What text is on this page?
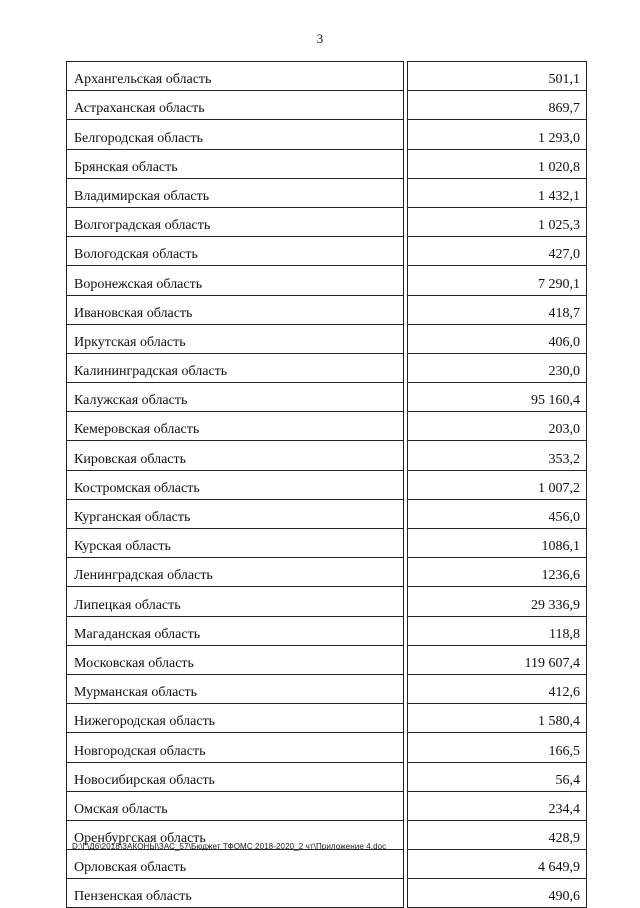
3
Архангельская область		501,1
Астраханская область		869,7
Белгородская область		1 293,0
Брянская область		1 020,8
Владимирская область		1 432,1
Волгоградская область		1 025,3
Вологодская область		427,0
Воронежская область		7 290,1
Ивановская область		418,7
Иркутская область		406,0
Калининградская область		230,0
Калужская область		95 160,4
Кемеровская область		203,0
Кировская область		353,2
Костромская область		1 007,2
Курганская область		456,0
Курская область		1086,1
Ленинградская область		1236,6
Липецкая область		29 336,9
Магаданская область		118,8
Московская область		119 607,4
Мурманская область		412,6
Нижегородская область		1 580,4
Новгородская область		166,5
Новосибирская область		56,4
Омская область		234,4
Оренбургская область		428,9
Орловская область		4 649,9
Пензенская область		490,6
D:\Г\Д6\2018\ЗАКОНЫ\ЗАС_57\Бюджет ТФОМС 2018-2020_2 чт\Приложение 4.doc
